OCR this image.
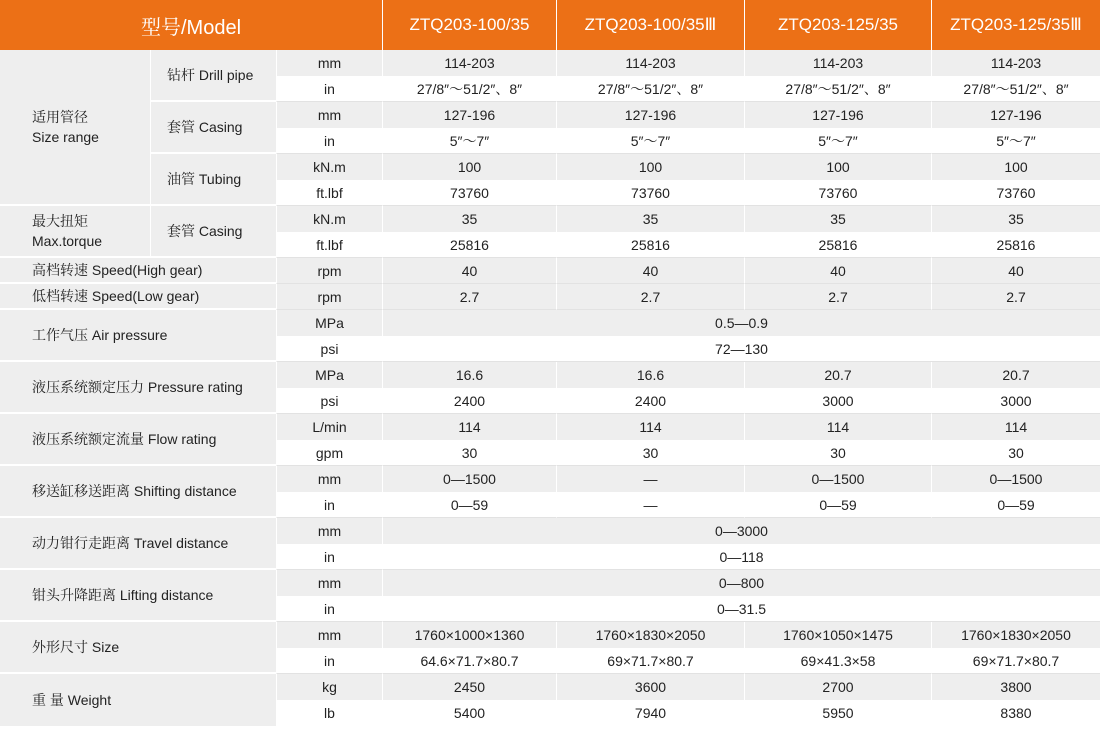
型号/Model			ZTQ203-100/35	ZTQ203-100/35Ⅲ	ZTQ203-125/35	ZTQ203-125/35Ⅲ
适用管径
Size range	钻杆 Drill pipe	mm	114-203	114-203	114-203	114-203
		in	27/8″～51/2″、8″	27/8″～51/2″、8″	27/8″～51/2″、8″	27/8″～51/2″、8″
	套管 Casing	mm	127-196	127-196	127-196	127-196
		in	5″～7″	5″～7″	5″～7″	5″～7″
	油管 Tubing	kN.m	100	100	100	100
		ft.lbf	73760	73760	73760	73760
最大扭矩
Max.torque	套管 Casing	kN.m	35	35	35	35
		ft.lbf	25816	25816	25816	25816
高档转速 Speed(High gear)		rpm	40	40	40	40
低档转速 Speed(Low gear)		rpm	2.7	2.7	2.7	2.7
工作气压 Air pressure		MPa	0.5—0.9			
		psi	72—130			
液压系统额定压力 Pressure rating		MPa	16.6	16.6	20.7	20.7
		psi	2400	2400	3000	3000
液压系统额定流量 Flow rating		L/min	114	114	114	114
		gpm	30	30	30	30
移送缸移送距离 Shifting distance		mm	0—1500	—	0—1500	0—1500
		in	0—59	—	0—59	0—59
动力钳行走距离 Travel distance		mm	0—3000			
		in	0—118			
钳头升降距离 Lifting distance		mm	0—800			
		in	0—31.5			
外形尺寸 Size		mm	1760×1000×1360	1760×1830×2050	1760×1050×1475	1760×1830×2050
		in	64.6×71.7×80.7	69×71.7×80.7	69×41.3×58	69×71.7×80.7
重 量 Weight		kg	2450	3600	2700	3800
		lb	5400	7940	5950	8380
